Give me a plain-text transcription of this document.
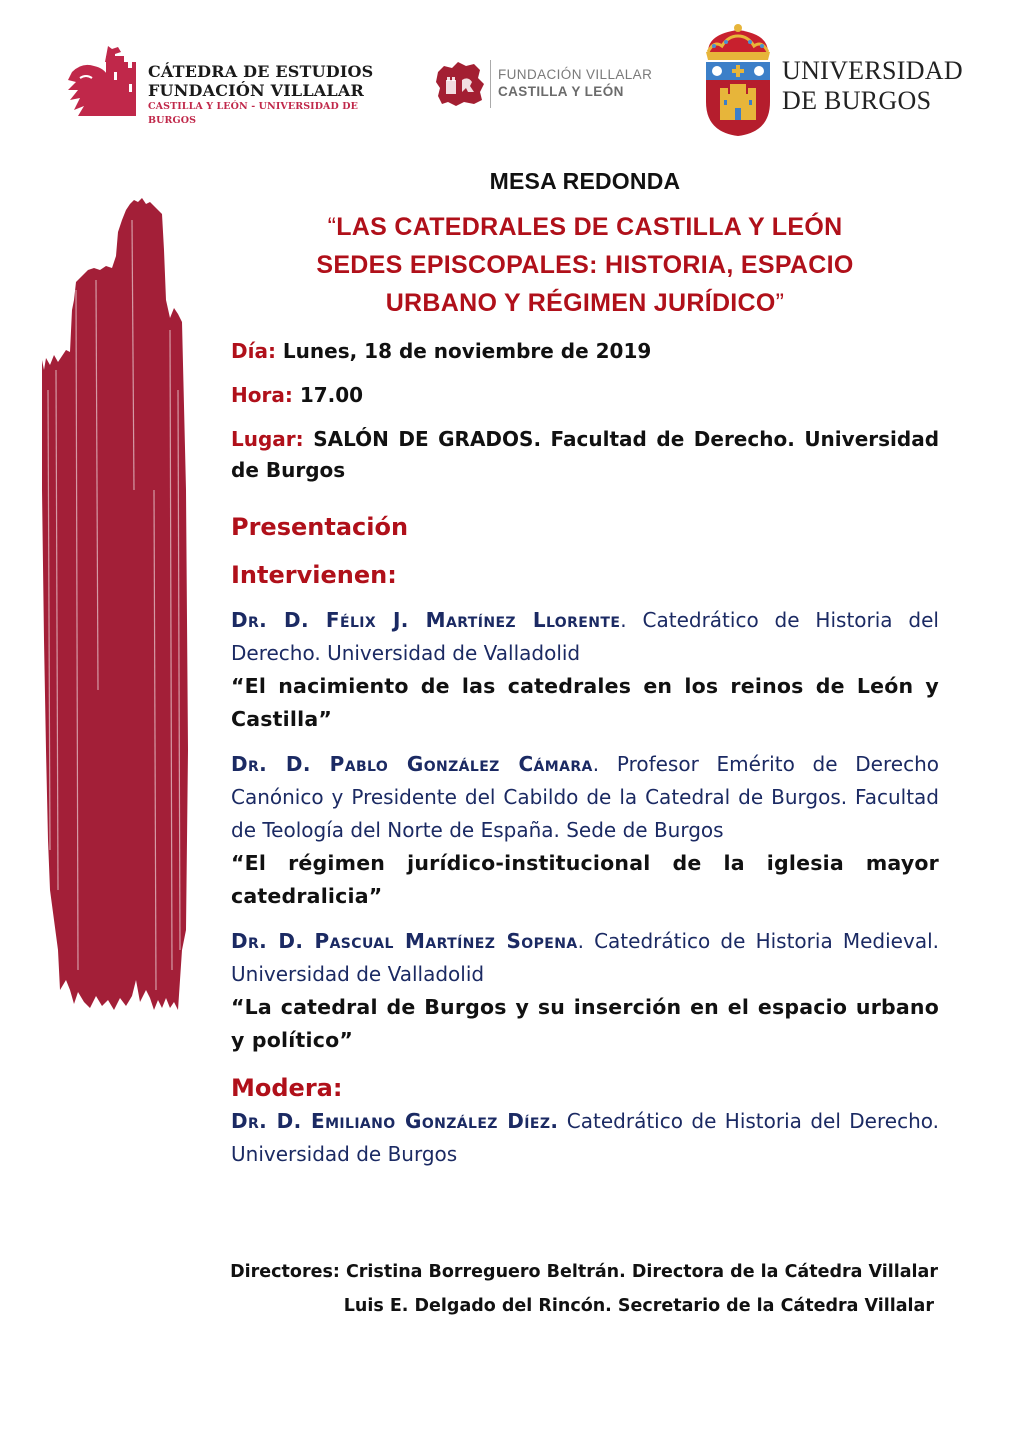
CÁTEDRA DE ESTUDIOS
FUNDACIÓN VILLALAR
CASTILLA Y LEÓN - UNIVERSIDAD DE BURGOS
FUNDACIÓN VILLALAR
CASTILLA Y LEÓN
UNIVERSIDAD
DE BURGOS
MESA REDONDA
“LAS CATEDRALES DE CASTILLA Y LEÓN
SEDES EPISCOPALES: HISTORIA, ESPACIO
URBANO Y RÉGIMEN JURÍDICO”
Día: Lunes, 18 de noviembre de 2019
Hora: 17.00
Lugar: SALÓN DE GRADOS. Facultad de Derecho. Universidad de Burgos
Presentación
Intervienen:
Dr. D. Félix J. Martínez Llorente. Catedrático de Historia del Derecho. Universidad de Valladolid
“El nacimiento de las catedrales en los reinos de León y Castilla”
Dr. D. Pablo González Cámara. Profesor Emérito de Derecho Canónico y Presidente del Cabildo de la Catedral de Burgos. Facultad de Teología del Norte de España. Sede de Burgos
“El régimen jurídico-institucional de la iglesia mayor catedralicia”
Dr. D. Pascual Martínez Sopena. Catedrático de Historia Medieval. Universidad de Valladolid
“La catedral de Burgos y su inserción en el espacio urbano y político”
Modera:
Dr. D. Emiliano González Díez. Catedrático de Historia del Derecho. Universidad de Burgos
Directores: Cristina Borreguero Beltrán. Directora de la Cátedra Villalar
Luis E. Delgado del Rincón. Secretario de la Cátedra Villalar
